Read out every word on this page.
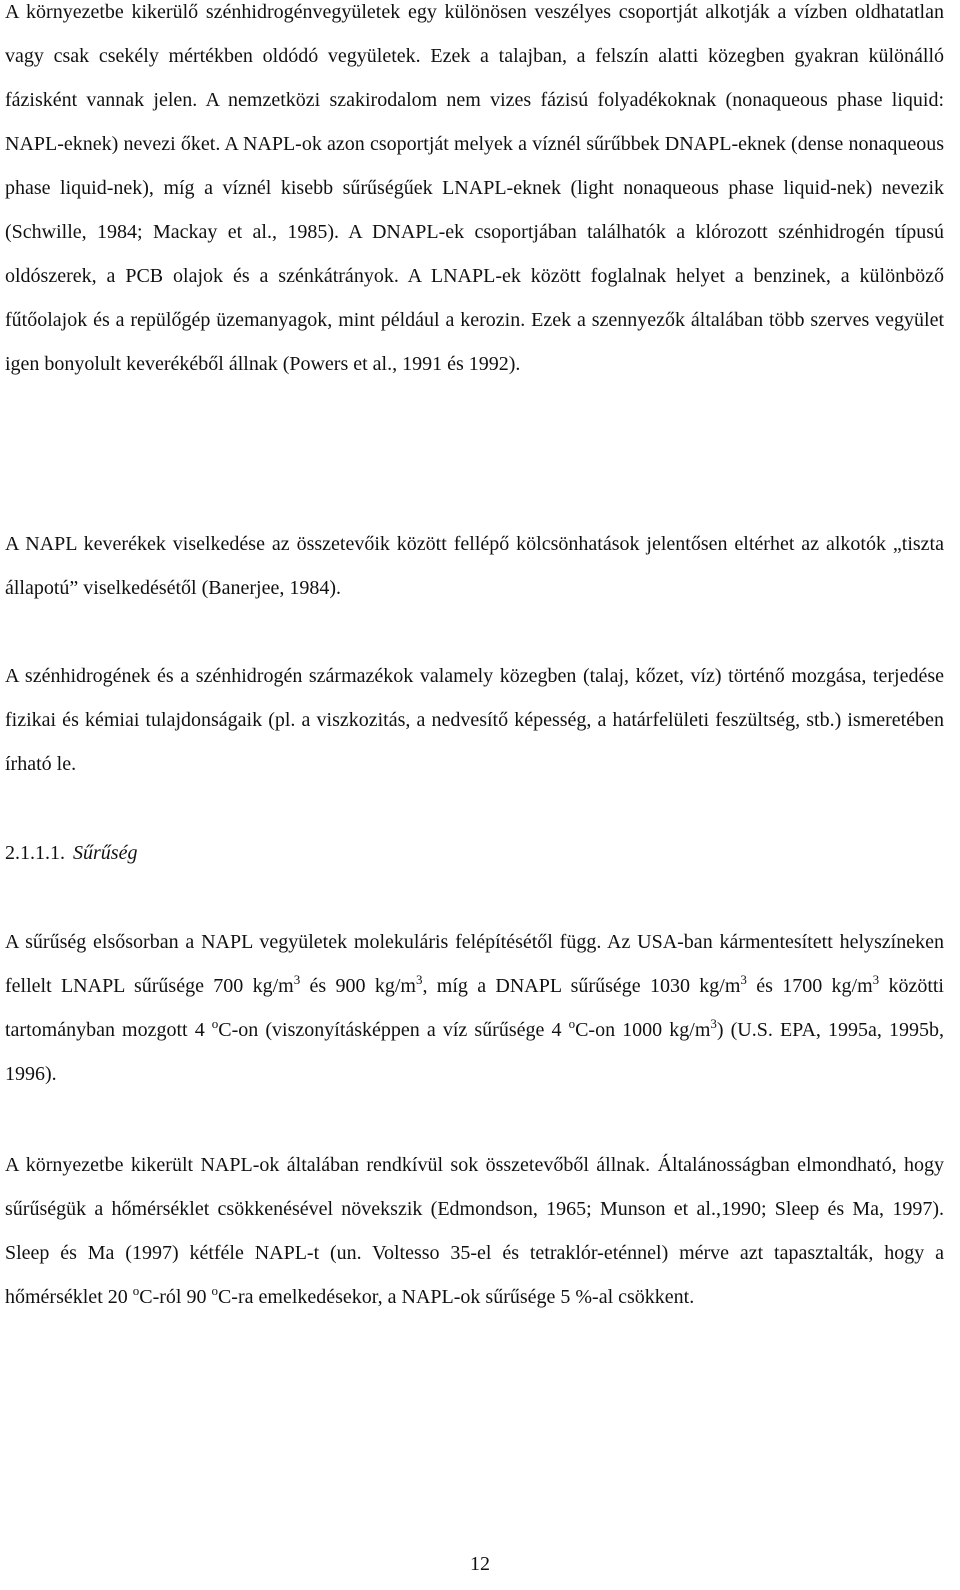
A környezetbe kikerülő szénhidrogénvegyületek egy különösen veszélyes csoportját alkotják a vízben oldhatatlan vagy csak csekély mértékben oldódó vegyületek. Ezek a talajban, a felszín alatti közegben gyakran különálló fázisként vannak jelen. A nemzetközi szakirodalom nem vizes fázisú folyadékoknak (nonaqueous phase liquid: NAPL-eknek) nevezi őket. A NAPL-ok azon csoportját melyek a víznél sűrűbbek DNAPL-eknek (dense nonaqueous phase liquid-nek), míg a víznél kisebb sűrűségűek LNAPL-eknek (light nonaqueous phase liquid-nek) nevezik (Schwille, 1984; Mackay et al., 1985). A DNAPL-ek csoportjában találhatók a klórozott szénhidrogén típusú oldószerek, a PCB olajok és a szénkátrányok. A LNAPL-ek között foglalnak helyet a benzinek, a különböző fűtőolajok és a repülőgép üzemanyagok, mint például a kerozin. Ezek a szennyezők általában több szerves vegyület igen bonyolult keverékéből állnak (Powers et al., 1991 és 1992).

A NAPL keverékek viselkedése az összetevőik között fellépő kölcsönhatások jelentősen eltérhet az alkotók „tiszta állapotú” viselkedésétől (Banerjee, 1984).

A szénhidrogének és a szénhidrogén származékok valamely közegben (talaj, kőzet, víz) történő mozgása, terjedése fizikai és kémiai tulajdonságaik (pl. a viszkozitás, a nedvesítő képesség, a határfelületi feszültség, stb.) ismeretében írható le.

2.1.1.1. Sűrűség

A sűrűség elsősorban a NAPL vegyületek molekuláris felépítésétől függ. Az USA-ban kármentesített helyszíneken fellelt LNAPL sűrűsége 700 $kg/m^3$ és 900 $kg/m^3$, míg a DNAPL sűrűsége 1030 $kg/m^3$ és 1700 $kg/m^3$ közötti tartományban mozgott 4 $^o$C-on (viszonyításképpen a víz sűrűsége 4 $^o$C-on 1000 $kg/m^3$) (U.S. EPA, 1995a, 1995b, 1996).

A környezetbe kikerült NAPL-ok általában rendkívül sok összetevőből állnak. Általánosságban elmondható, hogy sűrűségük a hőmérséklet csökkenésével növekszik (Edmondson, 1965; Munson et al.,1990; Sleep és Ma, 1997). Sleep és Ma (1997) kétféle NAPL-t (un. Voltesso 35-el és tetraklór-eténnel) mérve azt tapasztalták, hogy a hőmérséklet 20 $^o$C-ról 90 $^o$C-ra emelkedésekor, a NAPL-ok sűrűsége 5 %-al csökkent.

12
